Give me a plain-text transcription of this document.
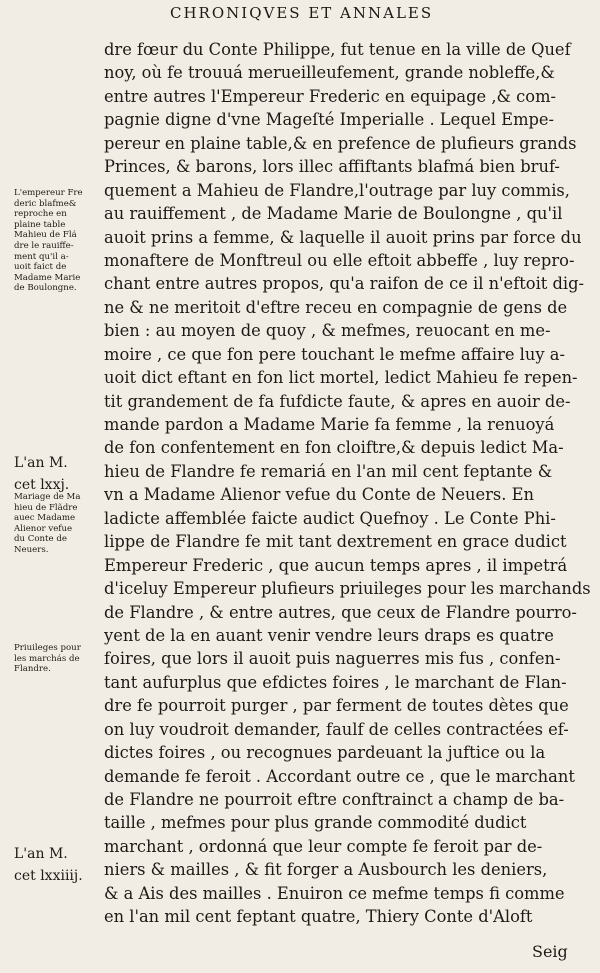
CHRONIQVES ET ANNALES
dre fœur du Conte Philippe, fut tenue en la ville de Quef
noy, où fe trouuá merueilleufement, grande nobleffe,&
entre autres l'Empereur Frederic en equipage ,& com-
pagnie digne d'vne Mageſté Imperialle . Lequel Empe-
pereur en plaine table,& en prefence de plufieurs grands
Princes, & barons, lors illec affiftants blafmá bien bruf-
quement a Mahieu de Flandre,l'outrage par luy commis,
au rauiffement , de Madame Marie de Boulongne , qu'il
auoit prins a femme, & laquelle il auoit prins par force du
monaftere de Monftreul ou elle eftoit abbeffe , luy repro-
chant entre autres propos, qu'a raifon de ce il n'eftoit dig-
ne & ne meritoit d'eftre receu en compagnie de gens de
bien : au moyen de quoy , & mefmes, reuocant en me-
moire , ce que fon pere touchant le mefme affaire luy a-
uoit dict eftant en fon lict mortel, ledict Mahieu fe repen-
tit grandement de fa fufdicte faute, & apres en auoir de-
mande pardon a Madame Marie fa femme , la renuoyá
de fon confentement en fon cloiftre,& depuis ledict Ma-
hieu de Flandre fe remariá en l'an mil cent feptante &
vn a Madame Alienor vefue du Conte de Neuers. En
ladicte affemblée faicte audict Quefnoy . Le Conte Phi-
lippe de Flandre fe mit tant dextrement en grace dudict
Empereur Frederic , que aucun temps apres , il impetrá
d'iceluy Empereur plufieurs priuileges pour les marchands
de Flandre , & entre autres, que ceux de Flandre pourro-
yent de la en auant venir vendre leurs draps es quatre
foires, que lors il auoit puis naguerres mis fus , confen-
tant aufurplus que efdictes foires , le marchant de Flan-
dre fe pourroit purger , par ferment de toutes dètes que
on luy voudroit demander, faulf de celles contractées ef-
dictes foires , ou recognues pardeuant la juftice ou la
demande fe feroit . Accordant outre ce , que le marchant
de Flandre ne pourroit eftre conftrainct a champ de ba-
taille , mefmes pour plus grande commodité dudict
marchant , ordonná que leur compte fe feroit par de-
niers & mailles , & fit forger a Ausbourch les deniers,
& a Ais des mailles . Enuiron ce mefme temps fi comme
en l'an mil cent feptant quatre, Thiery Conte d'Aloft
L'empereur Fre
deric blafme&
reproche en
plaine table
Mahieu de Flá
dre le rauiffe-
ment qu'il a-
uoit faict de
Madame Marie
de Boulongne.
L'an M.
cet lxxj.
Mariage de Ma
hieu de Flãdre
auec Madame
Alienor vefue
du Conte de
Neuers.
Priuileges pour
les marchás de
Flandre.
L'an M.
cet lxxiiij.
Seig
